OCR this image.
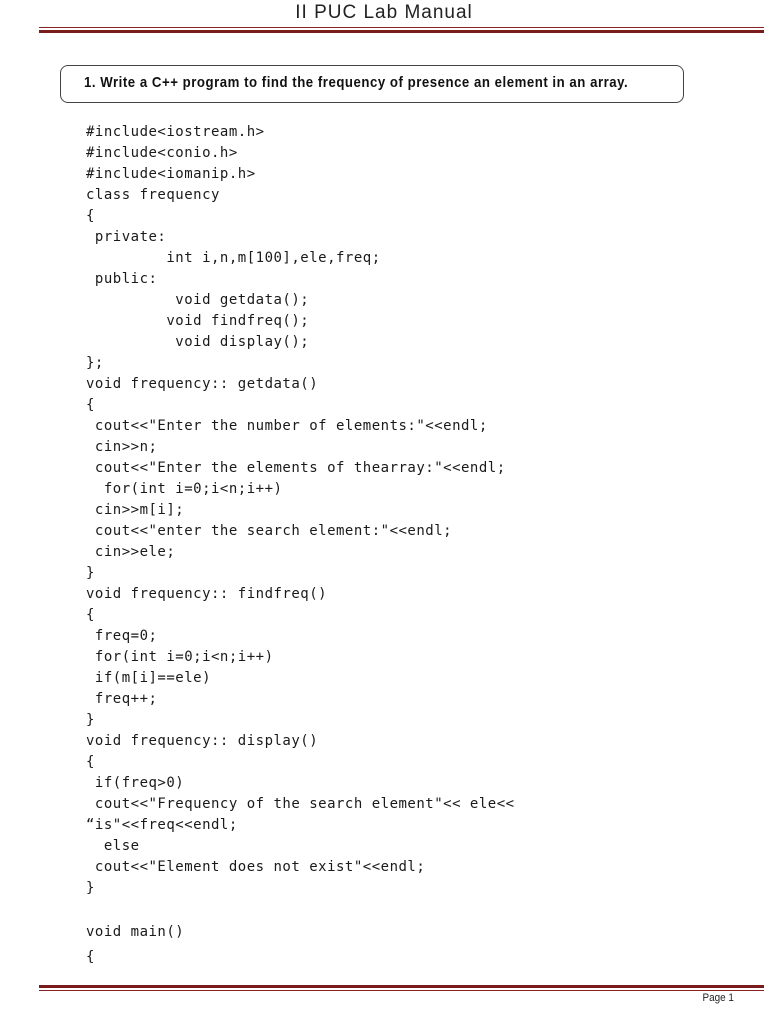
II PUC Lab Manual
1. Write a C++ program to find the frequency of presence an element in an array.
#include<iostream.h>
#include<conio.h>
#include<iomanip.h>
class frequency
{
private:
int i,n,m[100],ele,freq;
public:
void getdata();
void findfreq();
void display();
};
void frequency:: getdata()
{
cout<<"Enter the number of elements:"<<endl;
cin>>n;
cout<<"Enter the elements of thearray:"<<endl;
for(int i=0;i<n;i++)
cin>>m[i];
cout<<"enter the search element:"<<endl;
cin>>ele;
}
void frequency:: findfreq()
{
freq=0;
for(int i=0;i<n;i++)
if(m[i]==ele)
freq++;
}
void frequency:: display()
{
if(freq>0)
cout<<"Frequency of the search element"<< ele<<
“is"<<freq<<endl;
else
cout<<"Element does not exist"<<endl;
}
void main()
{
Page 1
